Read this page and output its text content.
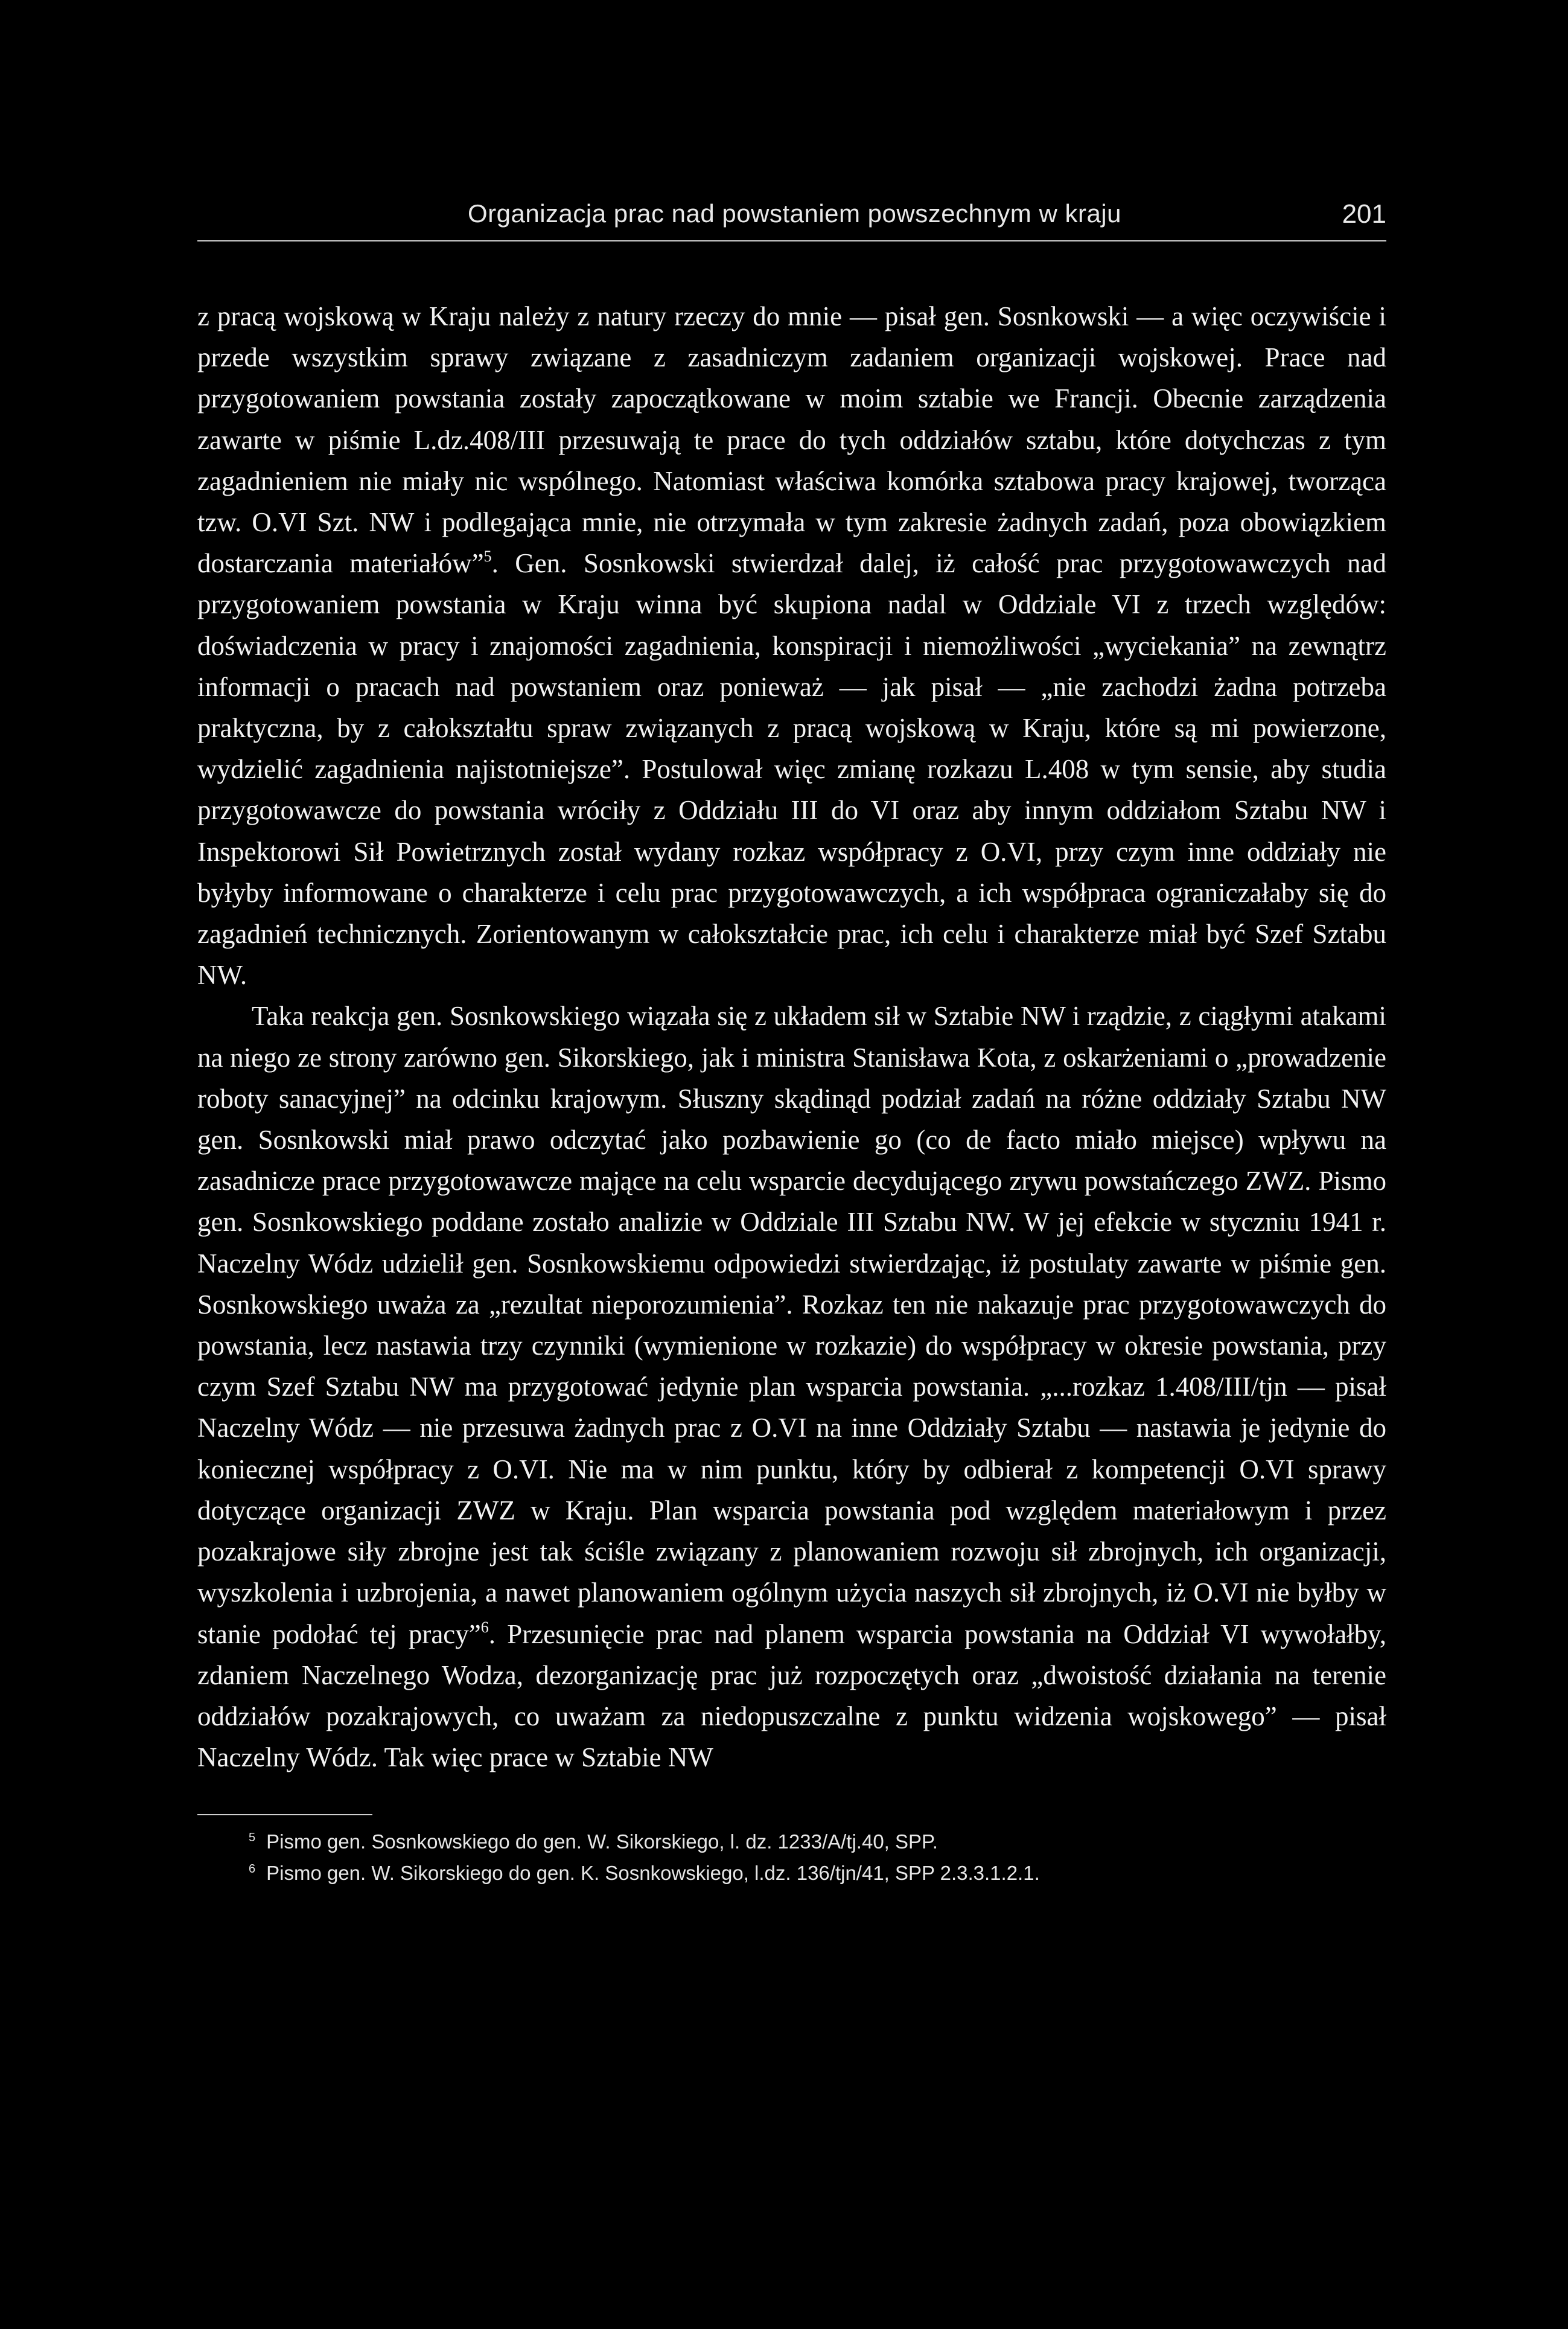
Organizacja prac nad powstaniem powszechnym w kraju	201

z pracą wojskową w Kraju należy z natury rzeczy do mnie — pisał gen. Sosnkowski — a więc oczywiście i przede wszystkim sprawy związane z zasadniczym zadaniem organizacji wojskowej. Prace nad przygotowaniem powstania zostały zapoczątkowane w moim sztabie we Francji. Obecnie zarządzenia zawarte w piśmie L.dz.408/III przesuwają te prace do tych oddziałów sztabu, które dotychczas z tym zagadnieniem nie miały nic wspólnego. Natomiast właściwa komórka sztabowa pracy krajowej, tworząca tzw. O.VI Szt. NW i podlegająca mnie, nie otrzymała w tym zakresie żadnych zadań, poza obowiązkiem dostarczania materiałów”$^5$. Gen. Sosnkowski stwierdzał dalej, iż całość prac przygotowawczych nad przygotowaniem powstania w Kraju winna być skupiona nadal w Oddziale VI z trzech względów: doświadczenia w pracy i znajomości zagadnienia, konspiracji i niemożliwości „wyciekania” na zewnątrz informacji o pracach nad powstaniem oraz ponieważ — jak pisał — „nie zachodzi żadna potrzeba praktyczna, by z całokształtu spraw związanych z pracą wojskową w Kraju, które są mi powierzone, wydzielić zagadnienia najistotniejsze”. Postulował więc zmianę rozkazu L.408 w tym sensie, aby studia przygotowawcze do powstania wróciły z Oddziału III do VI oraz aby innym oddziałom Sztabu NW i Inspektorowi Sił Powietrznych został wydany rozkaz współpracy z O.VI, przy czym inne oddziały nie byłyby informowane o charakterze i celu prac przygotowawczych, a ich współpraca ograniczałaby się do zagadnień technicznych. Zorientowanym w całokształcie prac, ich celu i charakterze miał być Szef Sztabu NW.

Taka reakcja gen. Sosnkowskiego wiązała się z układem sił w Sztabie NW i rządzie, z ciągłymi atakami na niego ze strony zarówno gen. Sikorskiego, jak i ministra Stanisława Kota, z oskarżeniami o „prowadzenie roboty sanacyjnej” na odcinku krajowym. Słuszny skądinąd podział zadań na różne oddziały Sztabu NW gen. Sosnkowski miał prawo odczytać jako pozbawienie go (co de facto miało miejsce) wpływu na zasadnicze prace przygotowawcze mające na celu wsparcie decydującego zrywu powstańczego ZWZ. Pismo gen. Sosnkowskiego poddane zostało analizie w Oddziale III Sztabu NW. W jej efekcie w styczniu 1941 r. Naczelny Wódz udzielił gen. Sosnkowskiemu odpowiedzi stwierdzając, iż postulaty zawarte w piśmie gen. Sosnkowskiego uważa za „rezultat nieporozumienia”. Rozkaz ten nie nakazuje prac przygotowawczych do powstania, lecz nastawia trzy czynniki (wymienione w rozkazie) do współpracy w okresie powstania, przy czym Szef Sztabu NW ma przygotować jedynie plan wsparcia powstania. „...rozkaz 1.408/III/tjn — pisał Naczelny Wódz — nie przesuwa żadnych prac z O.VI na inne Oddziały Sztabu — nastawia je jedynie do koniecznej współpracy z O.VI. Nie ma w nim punktu, który by odbierał z kompetencji O.VI sprawy dotyczące organizacji ZWZ w Kraju. Plan wsparcia powstania pod względem materiałowym i przez pozakrajowe siły zbrojne jest tak ściśle związany z planowaniem rozwoju sił zbrojnych, ich organizacji, wyszkolenia i uzbrojenia, a nawet planowaniem ogólnym użycia naszych sił zbrojnych, iż O.VI nie byłby w stanie podołać tej pracy”$^6$. Przesunięcie prac nad planem wsparcia powstania na Oddział VI wywołałby, zdaniem Naczelnego Wodza, dezorganizację prac już rozpoczętych oraz „dwoistość działania na terenie oddziałów pozakrajowych, co uważam za niedopuszczalne z punktu widzenia wojskowego” — pisał Naczelny Wódz. Tak więc prace w Sztabie NW

$^5$ Pismo gen. Sosnkowskiego do gen. W. Sikorskiego, l. dz. 1233/A/tj.40, SPP.
$^6$ Pismo gen. W. Sikorskiego do gen. K. Sosnkowskiego, l.dz. 136/tjn/41, SPP 2.3.3.1.2.1.
